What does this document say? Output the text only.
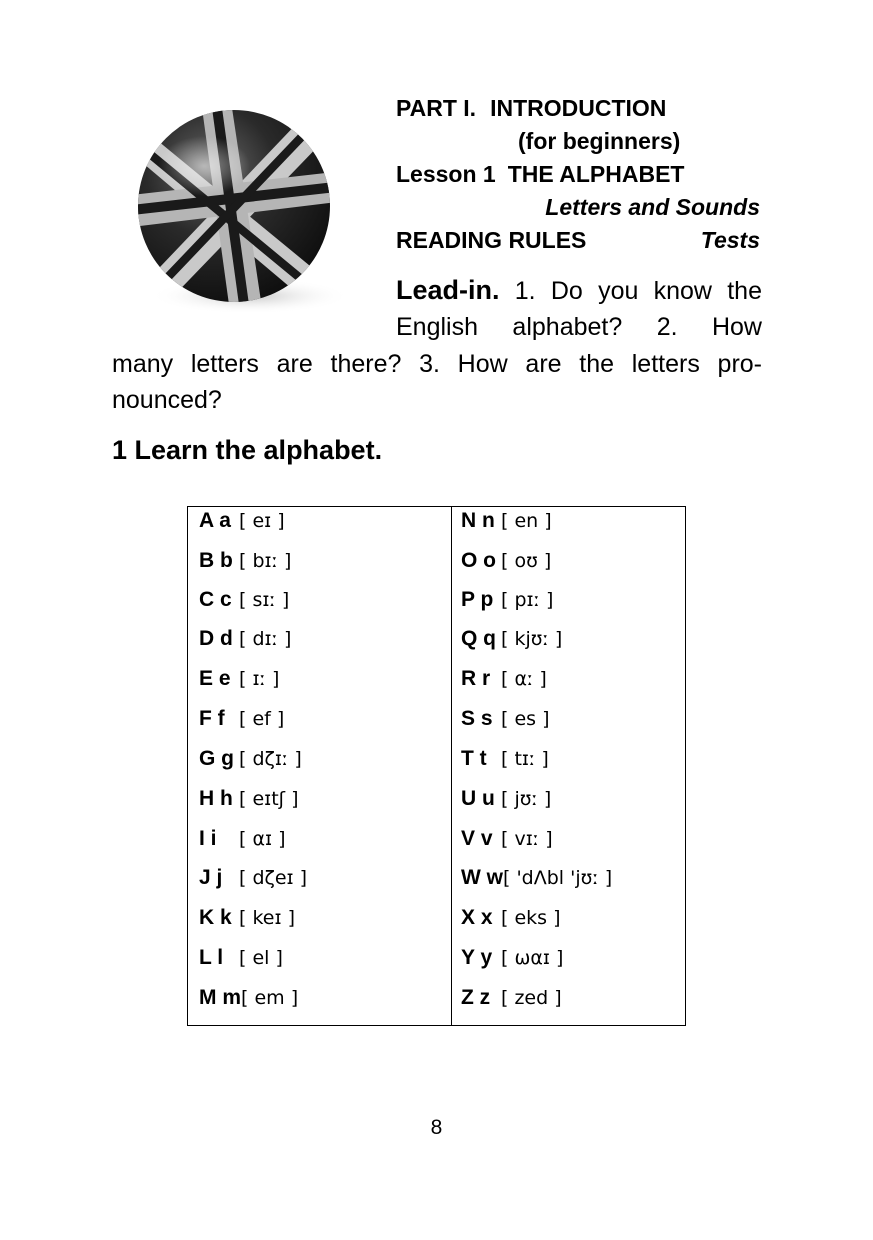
PART I. INTRODUCTION
(for beginners)
Lesson 1 THE ALPHABET
Letters and Sounds
READING RULES	Tests
Lead-in. 1. Do you know the English alphabet? 2. How
many letters are there? 3. How are the letters pro-nounced?
1 Learn the alphabet.
A a [ eɪ ]
B b [ bɪː ]
C c [ sɪː ]
D d [ dɪː ]
E e [ ɪː ]
F f [ ef ]
G g [ dζɪː ]
H h [ eɪtʃ ]
I i [ αɪ ]
J j [ dζeɪ ]
K k [ keɪ ]
L l [ el ]
M m[ em ]
N n [ en ]
O o [ oʊ ]
P p [ pɪː ]
Q q [ kjʊː ]
R r [ αː ]
S s [ es ]
T t [ tɪː ]
U u [ jʊː ]
V v [ vɪː ]
W w[ 'dΛbl 'jʊː ]
X x [ eks ]
Y y [ ωαɪ ]
Z z [ zed ]
8
